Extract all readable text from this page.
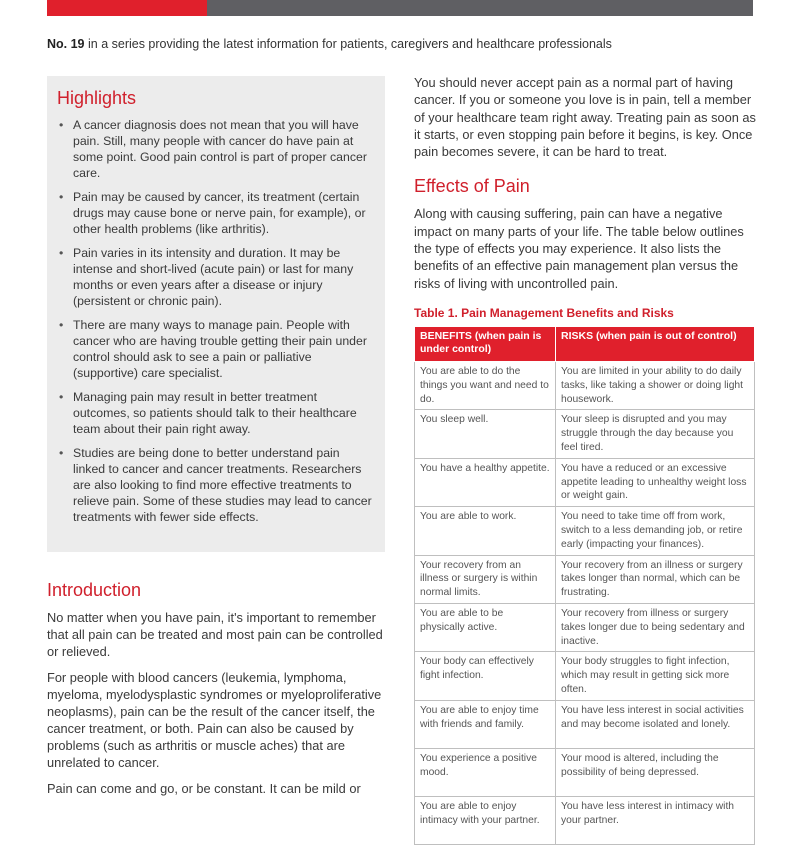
No. 19 in a series providing the latest information for patients, caregivers and healthcare professionals
Highlights
• A cancer diagnosis does not mean that you will have pain. Still, many people with cancer do have pain at some point. Good pain control is part of proper cancer care.
• Pain may be caused by cancer, its treatment (certain drugs may cause bone or nerve pain, for example), or other health problems (like arthritis).
• Pain varies in its intensity and duration. It may be intense and short-lived (acute pain) or last for many months or even years after a disease or injury (persistent or chronic pain).
• There are many ways to manage pain. People with cancer who are having trouble getting their pain under control should ask to see a pain or palliative (supportive) care specialist.
• Managing pain may result in better treatment outcomes, so patients should talk to their healthcare team about their pain right away.
• Studies are being done to better understand pain linked to cancer and cancer treatments. Researchers are also looking to find more effective treatments to relieve pain. Some of these studies may lead to cancer treatments with fewer side effects.
Introduction

No matter when you have pain, it's important to remember that all pain can be treated and most pain can be controlled or relieved.

For people with blood cancers (leukemia, lymphoma, myeloma, myelodysplastic syndromes or myeloproliferative neoplasms), pain can be the result of the cancer itself, the cancer treatment, or both. Pain can also be caused by problems (such as arthritis or muscle aches) that are unrelated to cancer.

Pain can come and go, or be constant. It can be mild or

You should never accept pain as a normal part of having cancer. If you or someone you love is in pain, tell a member of your healthcare team right away. Treating pain as soon as it starts, or even stopping pain before it begins, is key. Once pain becomes severe, it can be hard to treat.

Effects of Pain

Along with causing suffering, pain can have a negative impact on many parts of your life. The table below outlines the type of effects you may experience. It also lists the benefits of an effective pain management plan versus the risks of living with uncontrolled pain.

Table 1. Pain Management Benefits and Risks
BENEFITS (when pain is under control)	RISKS (when pain is out of control)
You are able to do the things you want and need to do.	You are limited in your ability to do daily tasks, like taking a shower or doing light housework.
You sleep well.	Your sleep is disrupted and you may struggle through the day because you feel tired.
You have a healthy appetite.	You have a reduced or an excessive appetite leading to unhealthy weight loss or weight gain.
You are able to work.	You need to take time off from work, switch to a less demanding job, or retire early (impacting your finances).
Your recovery from an illness or surgery is within normal limits.	Your recovery from an illness or surgery takes longer than normal, which can be frustrating.
You are able to be physically active.	Your recovery from illness or surgery takes longer due to being sedentary and inactive.
Your body can effectively fight infection.	Your body struggles to fight infection, which may result in getting sick more often.
You are able to enjoy time with friends and family.	You have less interest in social activities and may become isolated and lonely.
You experience a positive mood.	Your mood is altered, including the possibility of being depressed.
You are able to enjoy intimacy with your partner.	You have less interest in intimacy with your partner.
